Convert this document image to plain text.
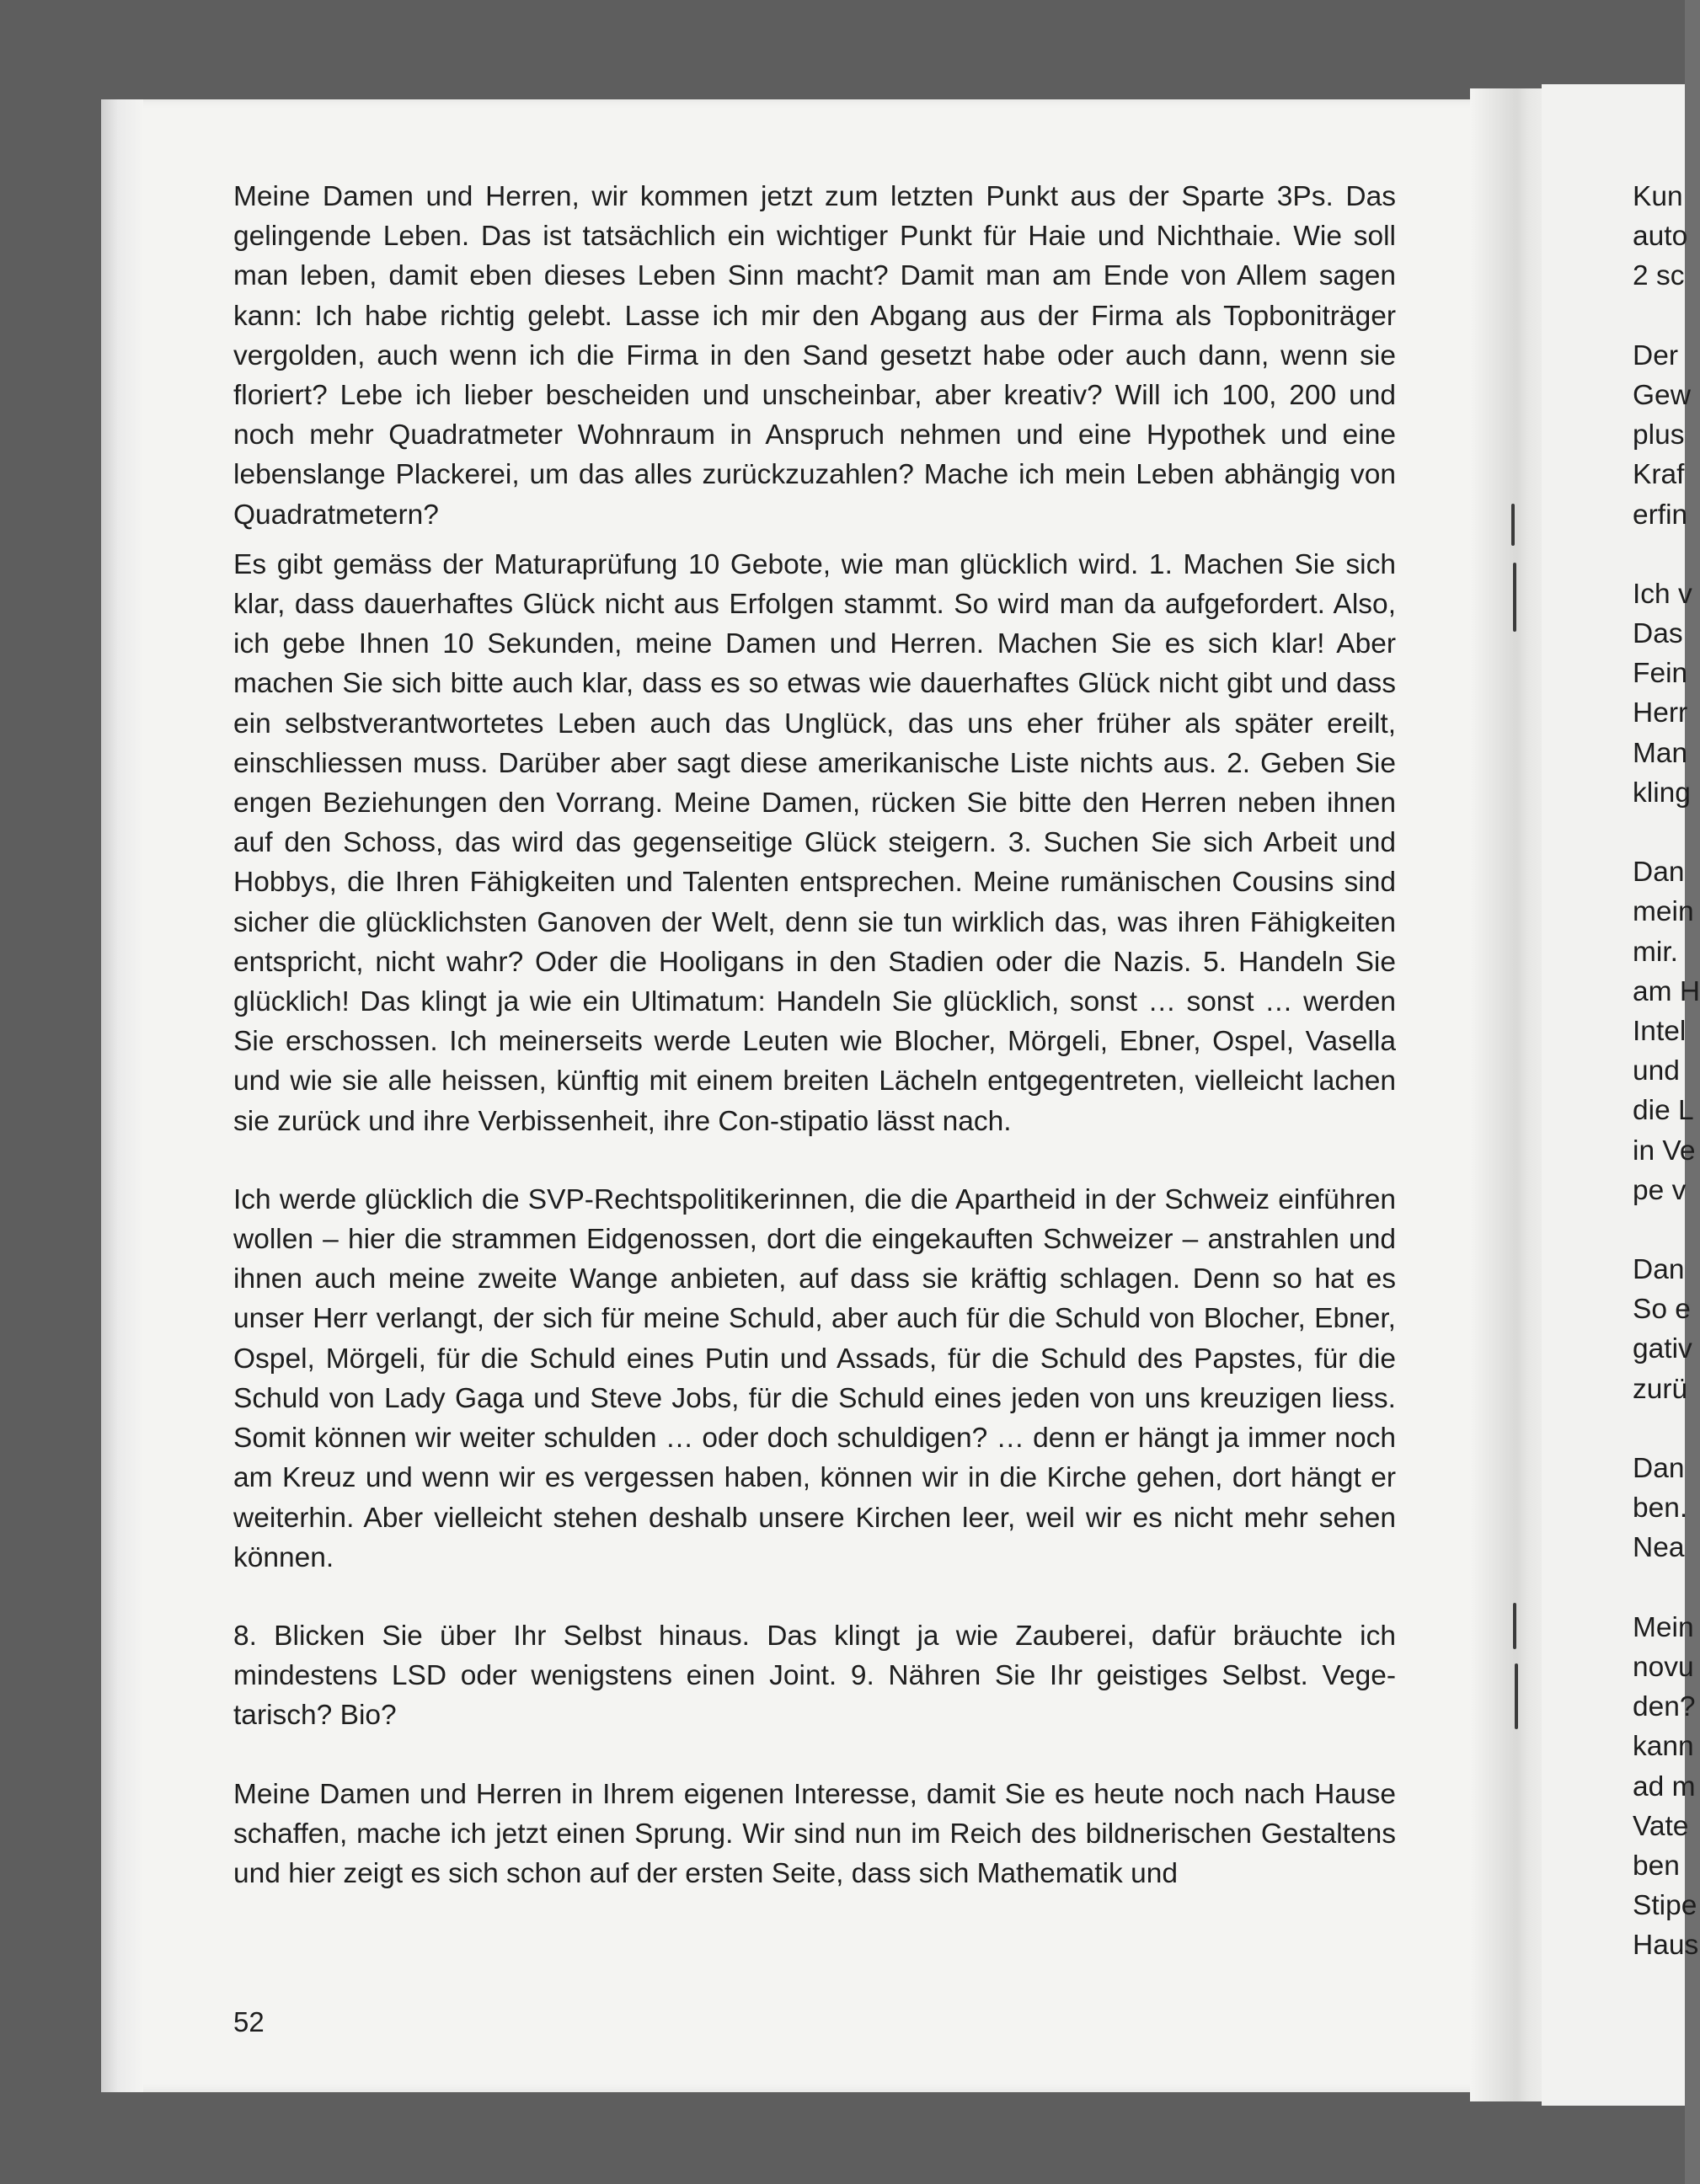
Meine Damen und Herren, wir kommen jetzt zum letzten Punkt aus der Sparte 3Ps. Das gelingende Leben. Das ist tatsächlich ein wichtiger Punkt für Haie und Nichthaie. Wie soll man leben, damit eben dieses Leben Sinn macht? Damit man am Ende von Allem sagen kann: Ich habe richtig gelebt. Lasse ich mir den Abgang aus der Firma als Topboniträger vergolden, auch wenn ich die Firma in den Sand gesetzt habe oder auch dann, wenn sie floriert? Lebe ich lieber bescheiden und unscheinbar, aber kreativ? Will ich 100, 200 und noch mehr Quadratmeter Wohnraum in Anspruch nehmen und eine Hypothek und eine lebenslange Plackerei, um das alles zurückzuzahlen? Mache ich mein Leben abhängig von Quadratmetern?

Es gibt gemäss der Maturaprüfung 10 Gebote, wie man glücklich wird. 1. Machen Sie sich klar, dass dauerhaftes Glück nicht aus Erfolgen stammt. So wird man da aufgefordert. Also, ich gebe Ihnen 10 Sekunden, meine Damen und Herren. Machen Sie es sich klar! Aber machen Sie sich bitte auch klar, dass es so etwas wie dauerhaftes Glück nicht gibt und dass ein selbstverantwortetes Leben auch das Unglück, das uns eher früher als später ereilt, einschliessen muss. Darüber aber sagt diese amerikanische Liste nichts aus. 2. Geben Sie engen Beziehungen den Vorrang. Meine Damen, rücken Sie bitte den Herren neben ihnen auf den Schoss, das wird das gegenseitige Glück steigern. 3. Suchen Sie sich Arbeit und Hobbys, die Ihren Fähigkeiten und Talenten entsprechen. Meine rumänischen Cousins sind sicher die glücklichsten Ganoven der Welt, denn sie tun wirklich das, was ihren Fähigkeiten entspricht, nicht wahr? Oder die Hooligans in den Stadien oder die Nazis. 5. Handeln Sie glücklich! Das klingt ja wie ein Ultimatum: Handeln Sie glücklich, sonst … sonst … werden Sie erschossen. Ich meinerseits werde Leuten wie Blocher, Mörgeli, Ebner, Ospel, Vasella und wie sie alle heissen, künftig mit einem breiten Lächeln entgegentreten, vielleicht lachen sie zurück und ihre Verbissenheit, ihre Con-stipatio lässt nach.

Ich werde glücklich die SVP-Rechtspolitikerinnen, die die Apartheid in der Schweiz einführen wollen – hier die strammen Eidgenossen, dort die eingekauften Schweizer – anstrahlen und ihnen auch meine zweite Wange anbieten, auf dass sie kräftig schlagen. Denn so hat es unser Herr verlangt, der sich für meine Schuld, aber auch für die Schuld von Blocher, Ebner, Ospel, Mörgeli, für die Schuld eines Putin und Assads, für die Schuld des Papstes, für die Schuld von Lady Gaga und Steve Jobs, für die Schuld eines jeden von uns kreuzigen liess. Somit können wir weiter schulden … oder doch schuldigen? … denn er hängt ja immer noch am Kreuz und wenn wir es vergessen haben, können wir in die Kirche gehen, dort hängt er weiterhin. Aber vielleicht stehen deshalb unsere Kirchen leer, weil wir es nicht mehr sehen können.

8. Blicken Sie über Ihr Selbst hinaus. Das klingt ja wie Zauberei, dafür bräuchte ich mindestens LSD oder wenigstens einen Joint. 9. Nähren Sie Ihr geistiges Selbst. Vegetarisch? Bio?

Meine Damen und Herren in Ihrem eigenen Interesse, damit Sie es heute noch nach Hause schaffen, mache ich jetzt einen Sprung. Wir sind nun im Reich des bildnerischen Gestaltens und hier zeigt es sich schon auf der ersten Seite, dass sich Mathematik und

52
Kun
auto
2 sc
Der
Gew
plus
Kraf
erfin
Ich v
Das
Fein
Herr
Man
kling
Dan
mein
mir.
am H
Intel
und
die L
in Ve
pe v
Dan
So e
gativ
zurü
Dan
ben.
Nea
Mein
novu
den?
kann
ad m
Vate
ben
Stipe
Haus
